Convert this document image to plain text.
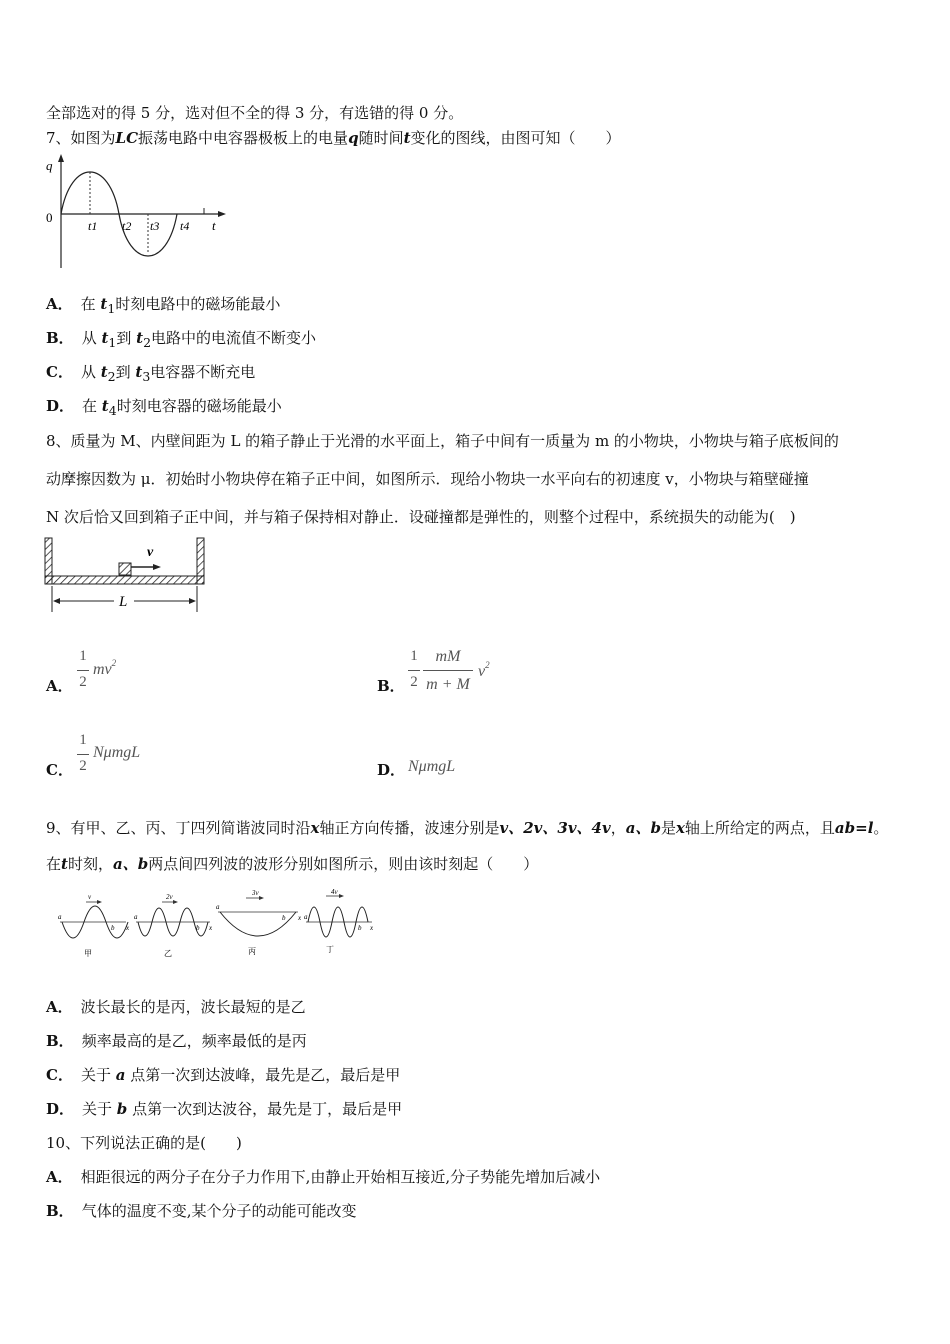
全部选对的得 5 分，选对但不全的得 3 分，有选错的得 0 分。
7、如图为LC振荡电路中电容器极板上的电量q随时间t变化的图线，由图可知（　　）
q
0
t1 t2 t3 t4 t
A． 在 $t_1$时刻电路中的磁场能最小
B． 从 $t_1$到 $t_2$电路中的电流值不断变小
C． 从 $t_2$到 $t_3$电容器不断充电
D． 在 $t_4$时刻电容器的磁场能最小
8、质量为 M、内壁间距为 L 的箱子静止于光滑的水平面上，箱子中间有一质量为 m 的小物块，小物块与箱子底板间的
动摩擦因数为 μ．初始时小物块停在箱子正中间，如图所示．现给小物块一水平向右的初速度 v，小物块与箱壁碰撞
N 次后恰又回到箱子正中间，并与箱子保持相对静止．设碰撞都是弹性的，则整个过程中，系统损失的动能为(　)
v
L
A．
1
2
$mv^2$
B．
1
2
mM
m + M
$v^2$
C．
1
2
NμmgL
D． NμmgL
9、有甲、乙、丙、丁四列简谐波同时沿x轴正方向传播，波速分别是v、2v、3v、4v，a、b是x轴上所给定的两点，且ab=l。
在t时刻，a、b两点间四列波的波形分别如图所示，则由该时刻起（　　）
v
a
b x
甲
2v
a
b x
乙
3v
a
b x
丙
4v
a
b x
丁
A． 波长最长的是丙，波长最短的是乙
B． 频率最高的是乙，频率最低的是丙
C． 关于 a 点第一次到达波峰，最先是乙，最后是甲
D． 关于 b 点第一次到达波谷，最先是丁，最后是甲
10、下列说法正确的是(　　)
A． 相距很远的两分子在分子力作用下,由静止开始相互接近,分子势能先增加后减小
B． 气体的温度不变,某个分子的动能可能改变
